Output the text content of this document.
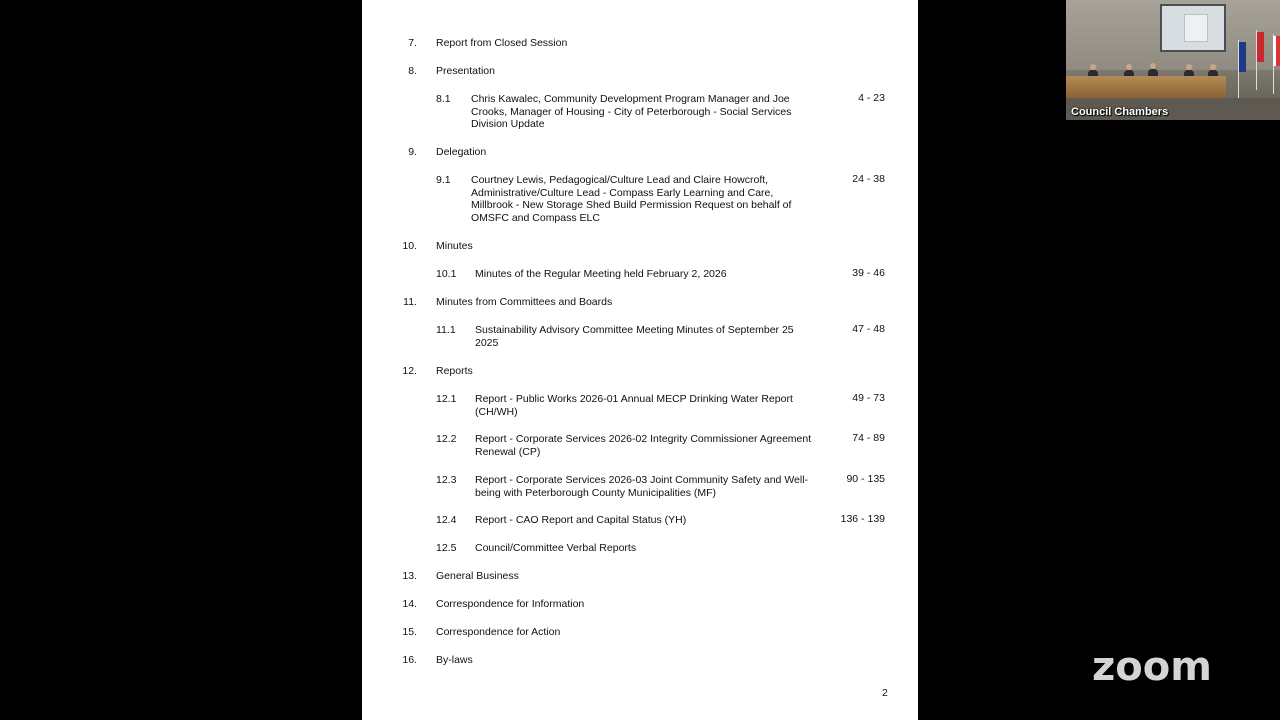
7. Report from Closed Session
8. Presentation
8.1 Chris Kawalec, Community Development Program Manager and Joe Crooks, Manager of Housing - City of Peterborough - Social Services Division Update
4 - 23
9. Delegation
9.1 Courtney Lewis, Pedagogical/Culture Lead and Claire Howcroft, Administrative/Culture Lead - Compass Early Learning and Care, Millbrook - New Storage Shed Build Permission Request on behalf of OMSFC and Compass ELC
24 - 38
10. Minutes
10.1 Minutes of the Regular Meeting held February 2, 2026	39 - 46
11. Minutes from Committees and Boards
11.1 Sustainability Advisory Committee Meeting Minutes of September 25 2025
47 - 48
12. Reports
12.1 Report - Public Works 2026-01 Annual MECP Drinking Water Report (CH/WH)
49 - 73
12.2 Report - Corporate Services 2026-02 Integrity Commissioner Agreement Renewal (CP)
74 - 89
12.3 Report - Corporate Services 2026-03 Joint Community Safety and Well-being with Peterborough County Municipalities (MF)
90 - 135
12.4 Report - CAO Report and Capital Status (YH)	136 - 139
12.5 Council/Committee Verbal Reports
13. General Business
14. Correspondence for Information
15. Correspondence for Action
16. By-laws
2
Council Chambers
zoom
